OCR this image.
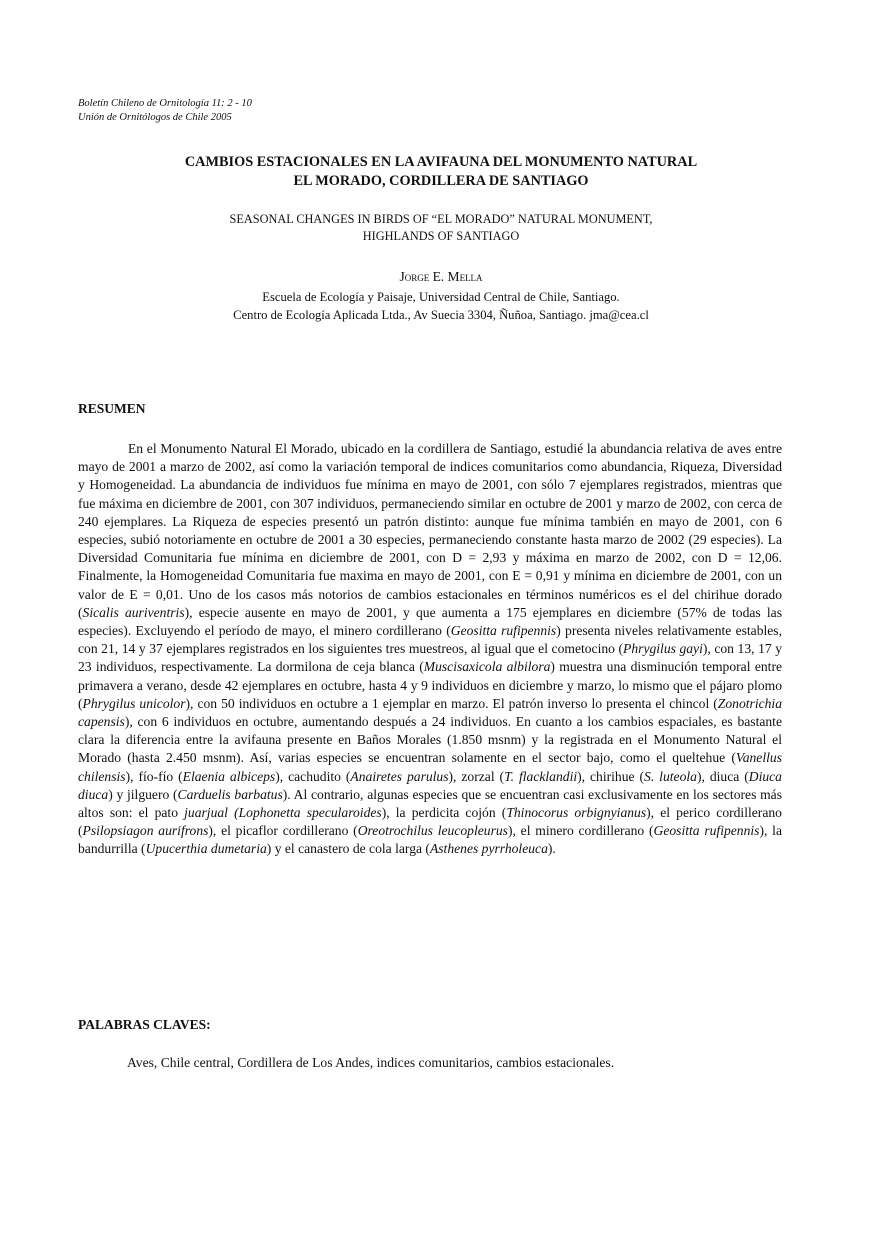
Boletín Chileno de Ornitología 11: 2 - 10
Unión de Ornitólogos de Chile 2005
CAMBIOS ESTACIONALES EN LA AVIFAUNA DEL MONUMENTO NATURAL
EL MORADO, CORDILLERA DE SANTIAGO
SEASONAL CHANGES IN BIRDS OF “EL MORADO” NATURAL MONUMENT,
HIGHLANDS OF SANTIAGO
Jorge E. Mella
Escuela de Ecología y Paisaje, Universidad Central de Chile, Santiago.
Centro de Ecología Aplicada Ltda., Av Suecia 3304, Ñuñoa, Santiago. jma@cea.cl
RESUMEN

En el Monumento Natural El Morado, ubicado en la cordillera de Santiago, estudié la abundancia relativa de aves entre mayo de 2001 a marzo de 2002, así como la variación temporal de indices comunitarios como abundancia, Riqueza, Diversidad y Homogeneidad. La abundancia de individuos fue mínima en mayo de 2001, con sólo 7 ejemplares registrados, mientras que fue máxima en diciembre de 2001, con 307 individuos, permaneciendo similar en octubre de 2001 y marzo de 2002, con cerca de 240 ejemplares. La Riqueza de especies presentó un patrón distinto: aunque fue mínima también en mayo de 2001, con 6 especies, subió notoriamente en octubre de 2001 a 30 especies, permaneciendo constante hasta marzo de 2002 (29 especies). La Diversidad Comunitaria fue mínima en diciembre de 2001, con D = 2,93 y máxima en marzo de 2002, con D = 12,06. Finalmente, la Homogeneidad Comunitaria fue maxima en mayo de 2001, con E = 0,91 y mínima en diciembre de 2001, con un valor de E = 0,01. Uno de los casos más notorios de cambios estacionales en términos numéricos es el del chirihue dorado (Sicalis auriventris), especie ausente en mayo de 2001, y que aumenta a 175 ejemplares en diciembre (57% de todas las especies). Excluyendo el período de mayo, el minero cordillerano (Geositta rufipennis) presenta niveles relativamente estables, con 21, 14 y 37 ejemplares registrados en los siguientes tres muestreos, al igual que el cometocino (Phrygilus gayi), con 13, 17 y 23 individuos, respectivamente. La dormilona de ceja blanca (Muscisaxicola albilora) muestra una disminución temporal entre primavera a verano, desde 42 ejemplares en octubre, hasta 4 y 9 individuos en diciembre y marzo, lo mismo que el pájaro plomo (Phrygilus unicolor), con 50 individuos en octubre a 1 ejemplar en marzo. El patrón inverso lo presenta el chincol (Zonotrichia capensis), con 6 individuos en octubre, aumentando después a 24 individuos. En cuanto a los cambios espaciales, es bastante clara la diferencia entre la avifauna presente en Baños Morales (1.850 msnm) y la registrada en el Monumento Natural el Morado (hasta 2.450 msnm). Así, varias especies se encuentran solamente en el sector bajo, como el queltehue (Vanellus chilensis), fío-fío (Elaenia albiceps), cachudito (Anairetes parulus), zorzal (T. flacklandii), chirihue (S. luteola), diuca (Diuca diuca) y jilguero (Carduelis barbatus). Al contrario, algunas especies que se encuentran casi exclusivamente en los sectores más altos son: el pato juarjual (Lophonetta specularoides), la perdicita cojón (Thinocorus orbignyianus), el perico cordillerano (Psilopsiagon aurifrons), el picaflor cordillerano (Oreotrochilus leucopleurus), el minero cordillerano (Geositta rufipennis), la bandurrilla (Upucerthia dumetaria) y el canastero de cola larga (Asthenes pyrrholeuca).

PALABRAS CLAVES:
Aves, Chile central, Cordillera de Los Andes, indices comunitarios, cambios estacionales.
